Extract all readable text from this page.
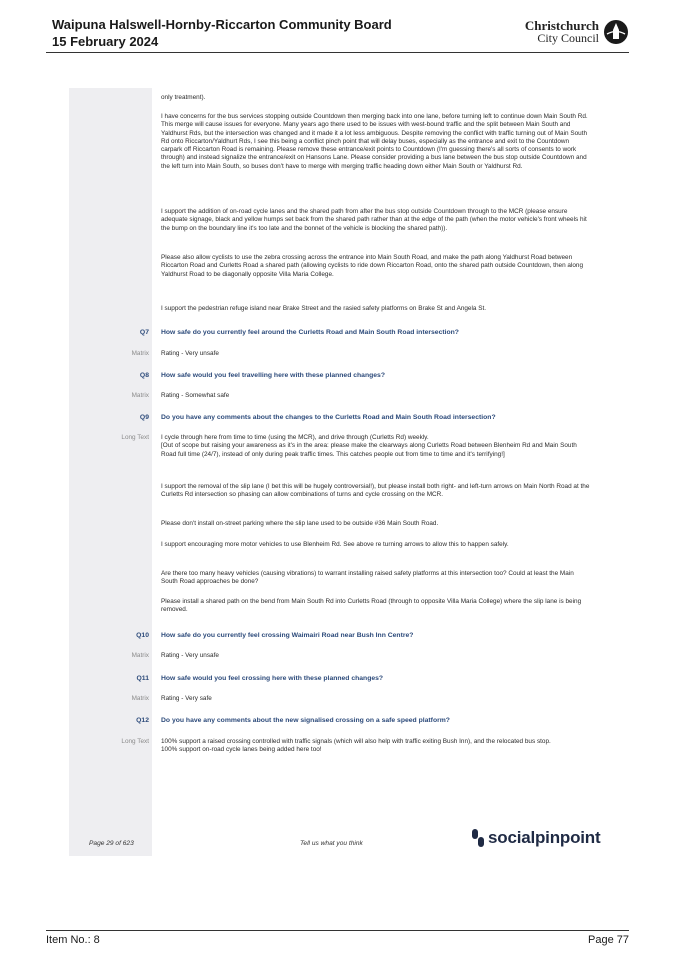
Waipuna Halswell-Hornby-Riccarton Community Board
15 February 2024
Christchurch
City Council

only treatment).

I have concerns for the bus services stopping outside Countdown then merging back into one lane, before turning left to continue down Main South Rd. This merge will cause issues for everyone. Many years ago there used to be issues with west-bound traffic and the split between Main South and Yaldhurst Rds, but the intersection was changed and it made it a lot less ambiguous. Despite removing the conflict with traffic turning out of Main South Rd onto Riccarton/Yaldhurt Rds, I see this being a conflict pinch point that will delay buses, especially as the entrance and exit to the Countdown carpark off Riccarton Road is remaining. Please remove these entrance/exit points to Countdown (I'm guessing there's all sorts of consents to work through) and instead signalize the entrance/exit on Hansons Lane. Please consider providing a bus lane between the bus stop outside Countdown and the left turn into Main South, so buses don't have to merge with merging traffic heading down either Main South or Yaldhurst Rd.

I support the addition of on-road cycle lanes and the shared path from after the bus stop outside Countdown through to the MCR (please ensure adequate signage, black and yellow humps set back from the shared path rather than at the edge of the path (when the motor vehicle's front wheels hit the bump on the boundary line it's too late and the bonnet of the vehicle is blocking the shared path)).

Please also allow cyclists to use the zebra crossing across the entrance into Main South Road, and make the path along Yaldhurst Road between Riccarton Road and Curletts Road a shared path (allowing cyclists to ride down Riccarton Road, onto the shared path outside Countdown, then along Yaldhurst Road to be diagonally opposite Villa Maria College.

I support the pedestrian refuge island near Brake Street and the rasied safety platforms on Brake St and Angela St.

Q7 How safe do you currently feel around the Curletts Road and Main South Road intersection?
Matrix Rating - Very unsafe
Q8 How safe would you feel travelling here with these planned changes?
Matrix Rating - Somewhat safe
Q9 Do you have any comments about the changes to the Curletts Road and Main South Road intersection?
Long Text I cycle through here from time to time (using the MCR), and drive through (Curletts Rd) weekly.
[Out of scope but raising your awareness as it's in the area: please make the clearways along Curletts Road between Blenheim Rd and Main South Road full time (24/7), instead of only during peak traffic times. This catches people out from time to time and it's terrifying!]

I support the removal of the slip lane (I bet this will be hugely controversial!), but please install both right- and left-turn arrows on Main North Road at the Curletts Rd intersection so phasing can allow combinations of turns and cycle crossing on the MCR.

Please don't install on-street parking where the slip lane used to be outside #36 Main South Road.

I support encouraging more motor vehicles to use Blenheim Rd. See above re turning arrows to allow this to happen safely.

Are there too many heavy vehicles (causing vibrations) to warrant installing raised safety platforms at this intersection too? Could at least the Main South Road approaches be done?

Please install a shared path on the bend from Main South Rd into Curletts Road (through to opposite Villa Maria College) where the slip lane is being removed.

Q10 How safe do you currently feel crossing Waimairi Road near Bush Inn Centre?
Matrix Rating - Very unsafe
Q11 How safe would you feel crossing here with these planned changes?
Matrix Rating - Very safe
Q12 Do you have any comments about the new signalised crossing on a safe speed platform?
Long Text 100% support a raised crossing controlled with traffic signals (which will also help with traffic exiting Bush Inn), and the relocated bus stop.
100% support on-road cycle lanes being added here too!

Page 29 of 623	Tell us what you think	socialpinpoint
Item No.: 8	Page 77
